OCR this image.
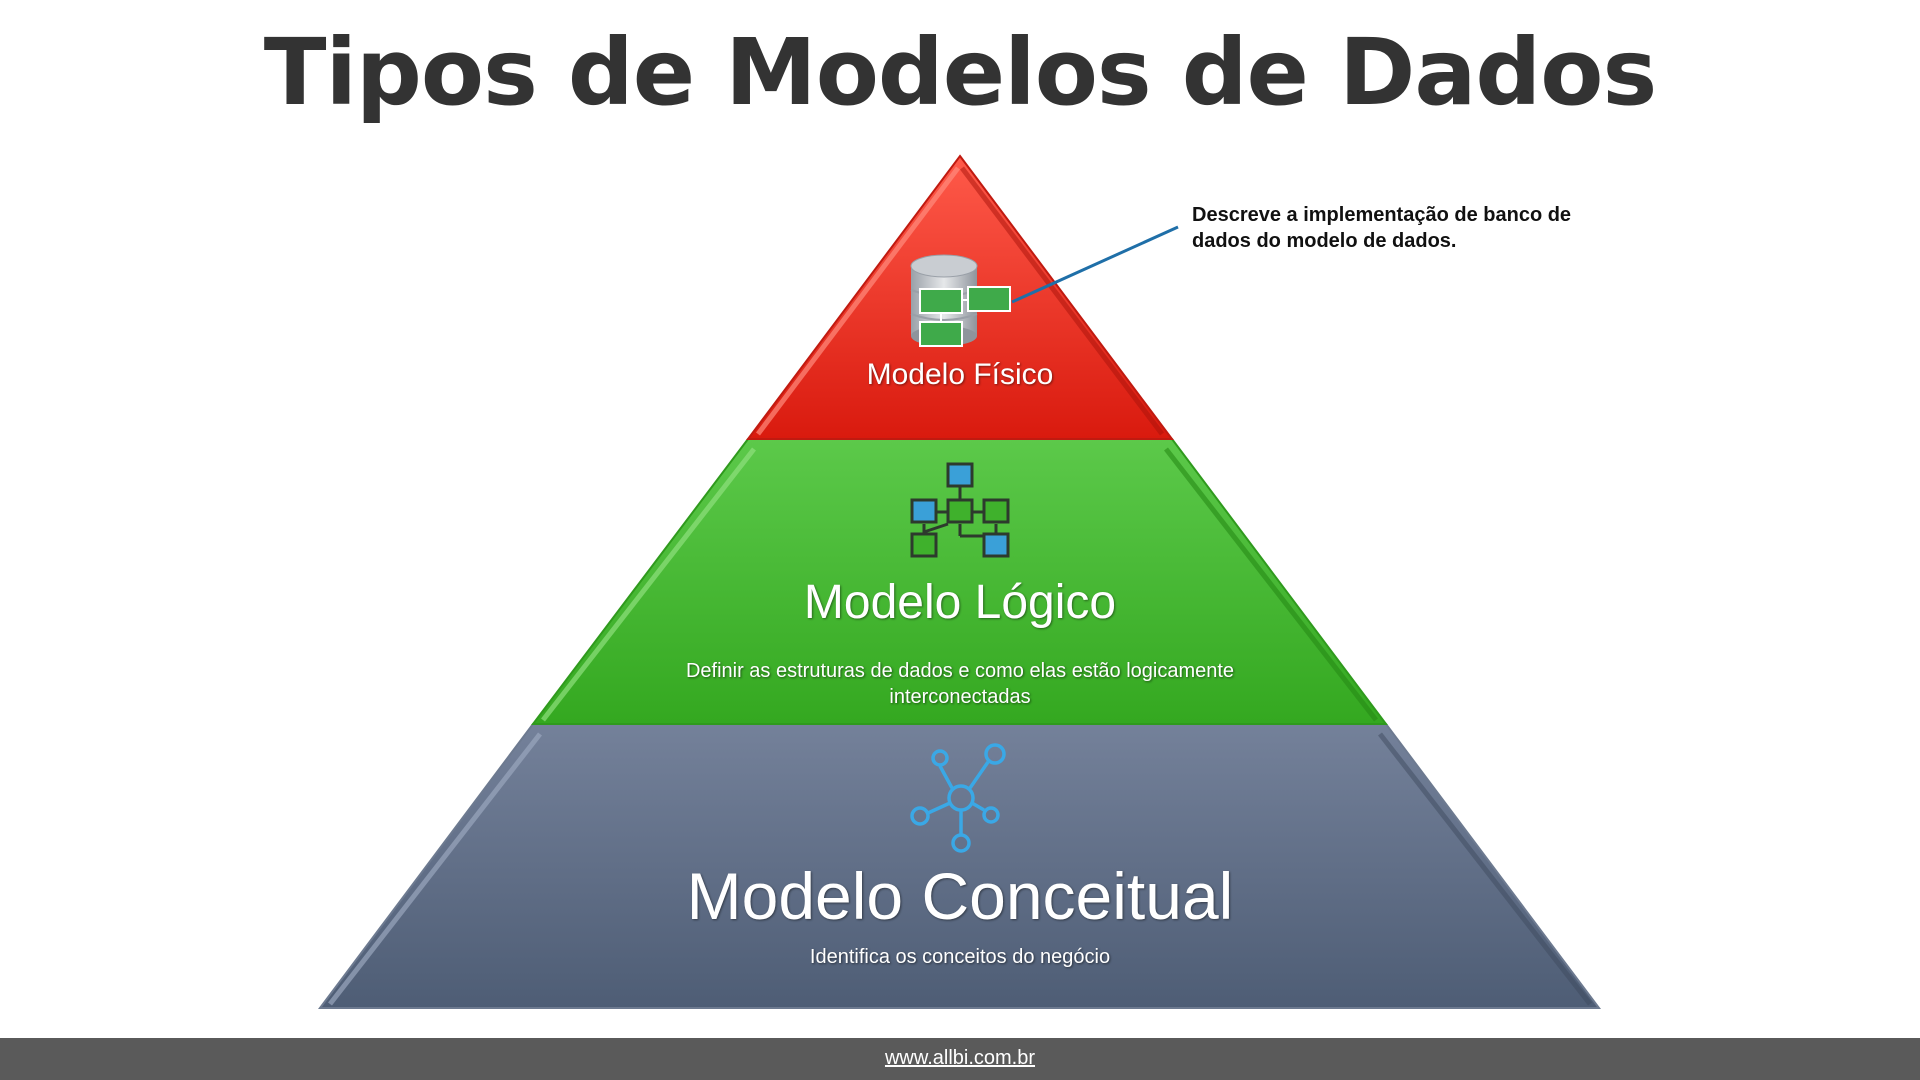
Tipos de Modelos de Dados
Modelo Físico
Modelo Lógico
Definir as estruturas de dados e como elas estão logicamente interconectadas
Modelo Conceitual
Identifica os conceitos do negócio
Descreve a implementação de banco de dados do modelo de dados.
www.allbi.com.br
